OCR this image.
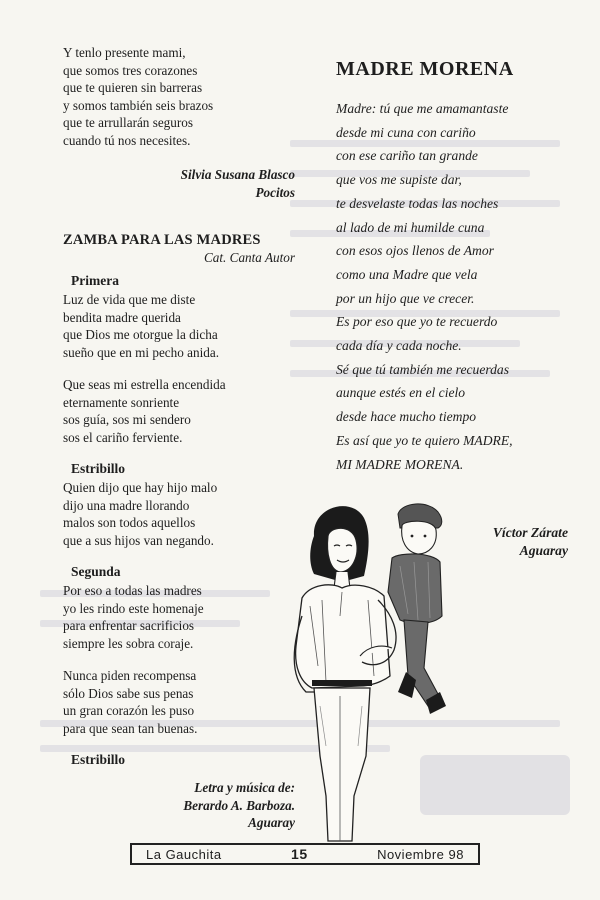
Y tenlo presente mami,

que somos tres corazones

que te quieren sin barreras

y somos también seis brazos

que te arrullarán seguros

cuando tú nos necesites.

Silvia Susana Blasco

Pocitos

ZAMBA PARA LAS MADRES
Cat. Canta Autor
Primera

Luz de vida que me diste

bendita madre querida

que Dios me otorgue la dicha

sueño que en mi pecho anida.

Que seas mi estrella encendida

eternamente sonriente

sos guía, sos mi sendero

sos el cariño ferviente.

Estribillo

Quien dijo que hay hijo malo

dijo una madre llorando

malos son todos aquellos

que a sus hijos van negando.

Segunda

Por eso a todas las madres

yo les rindo este homenaje

para enfrentar sacrificios

siempre les sobra coraje.

Nunca piden recompensa

sólo Dios sabe sus penas

un gran corazón les puso

para que sean tan buenas.

Estribillo

Letra y música de:

Berardo A. Barboza.

Aguaray

MADRE MORENA

Madre: tú que me amamantaste

desde mi cuna con cariño

con ese cariño tan grande

que vos me supiste dar,

te desvelaste todas las noches

al lado de mi humilde cuna

con esos ojos llenos de Amor

como una Madre que vela

por un hijo que ve crecer.

Es por eso que yo te recuerdo

cada día y cada noche.

Sé que tú también me recuerdas

aunque estés en el cielo

desde hace mucho tiempo

Es así que yo te quiero MADRE,

MI MADRE MORENA.

Víctor Zárate

Aguaray

La Gauchita	15	Noviembre 98
